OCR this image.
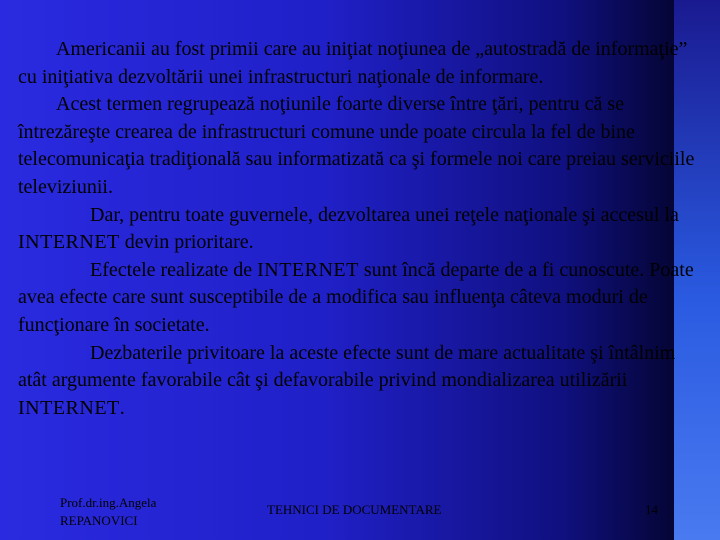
Americanii au fost primii care au iniţiat noţiunea de „autostradă de informaţie” cu iniţiativa dezvoltării unei infrastructuri naţionale de informare.

Acest termen regrupează noţiunile foarte diverse între ţări, pentru că se întrezăreşte crearea de infrastructuri comune unde poate circula la fel de bine telecomunicaţia tradiţională sau informatizată ca şi formele noi care preiau serviciile televiziunii.

Dar, pentru toate guvernele, dezvoltarea unei reţele naţionale şi accesul la INTERNET devin prioritare.

Efectele realizate de INTERNET sunt încă departe de a fi cunoscute. Poate avea efecte care sunt susceptibile de a modifica sau influenţa câteva moduri de funcţionare în societate.

Dezbaterile privitoare la aceste efecte sunt de mare actualitate şi întâlnim atât argumente favorabile cât şi defavorabile privind mondializarea utilizării INTERNET.

Prof.dr.ing.Angela
REPANOVICI
TEHNICI DE DOCUMENTARE	14
